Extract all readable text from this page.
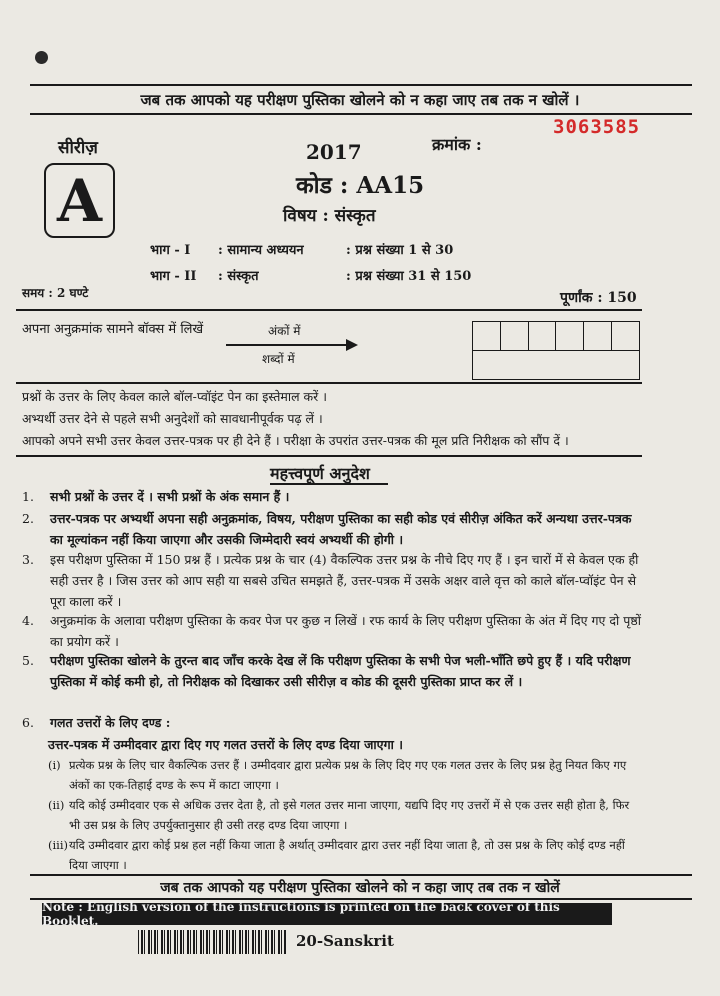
जब तक आपको यह परीक्षण पुस्तिका खोलने को न कहा जाए तब तक न खोलें ।
3063585
सीरीज़
A
2017	क्रमांक :
कोड : AA15
विषय : संस्कृत
भाग - I : सामान्य अध्ययन	: प्रश्न संख्या 1 से 30
भाग - II : संस्कृत	: प्रश्न संख्या 31 से 150
समय : 2 घण्टे	पूर्णांक : 150
अपना अनुक्रमांक सामने बॉक्स में लिखें	अंकों में
शब्दों में
प्रश्नों के उत्तर के लिए केवल काले बॉल-प्वॉइंट पेन का इस्तेमाल करें ।
अभ्यर्थी उत्तर देने से पहले सभी अनुदेशों को सावधानीपूर्वक पढ़ लें ।
आपको अपने सभी उत्तर केवल उत्तर-पत्रक पर ही देने हैं । परीक्षा के उपरांत उत्तर-पत्रक की मूल प्रति निरीक्षक को सौंप दें ।
महत्त्वपूर्ण अनुदेश
1.	सभी प्रश्नों के उत्तर दें । सभी प्रश्नों के अंक समान हैं ।
2.	उत्तर-पत्रक पर अभ्यर्थी अपना सही अनुक्रमांक, विषय, परीक्षण पुस्तिका का सही कोड एवं सीरीज़ अंकित करें अन्यथा उत्तर-पत्रक का मूल्यांकन नहीं किया जाएगा और उसकी जिम्मेदारी स्वयं अभ्यर्थी की होगी ।
3.	इस परीक्षण पुस्तिका में 150 प्रश्न हैं । प्रत्येक प्रश्न के चार (4) वैकल्पिक उत्तर प्रश्न के नीचे दिए गए हैं । इन चारों में से केवल एक ही सही उत्तर है । जिस उत्तर को आप सही या सबसे उचित समझते हैं, उत्तर-पत्रक में उसके अक्षर वाले वृत्त को काले बॉल-प्वॉइंट पेन से पूरा काला करें ।
4.	अनुक्रमांक के अलावा परीक्षण पुस्तिका के कवर पेज पर कुछ न लिखें । रफ कार्य के लिए परीक्षण पुस्तिका के अंत में दिए गए दो पृष्ठों का प्रयोग करें ।
5.	परीक्षण पुस्तिका खोलने के तुरन्त बाद जाँच करके देख लें कि परीक्षण पुस्तिका के सभी पेज भली-भाँति छपे हुए हैं । यदि परीक्षण पुस्तिका में कोई कमी हो, तो निरीक्षक को दिखाकर उसी सीरीज़ व कोड की दूसरी पुस्तिका प्राप्त कर लें ।
6.	गलत उत्तरों के लिए दण्ड :
उत्तर-पत्रक में उम्मीदवार द्वारा दिए गए गलत उत्तरों के लिए दण्ड दिया जाएगा ।
(i) प्रत्येक प्रश्न के लिए चार वैकल्पिक उत्तर हैं । उम्मीदवार द्वारा प्रत्येक प्रश्न के लिए दिए गए एक गलत उत्तर के लिए प्रश्न हेतु नियत किए गए अंकों का एक-तिहाई दण्ड के रूप में काटा जाएगा ।
(ii) यदि कोई उम्मीदवार एक से अधिक उत्तर देता है, तो इसे गलत उत्तर माना जाएगा, यद्यपि दिए गए उत्तरों में से एक उत्तर सही होता है, फिर भी उस प्रश्न के लिए उपर्युक्तानुसार ही उसी तरह दण्ड दिया जाएगा ।
(iii) यदि उम्मीदवार द्वारा कोई प्रश्न हल नहीं किया जाता है अर्थात् उम्मीदवार द्वारा उत्तर नहीं दिया जाता है, तो उस प्रश्न के लिए कोई दण्ड नहीं दिया जाएगा ।
जब तक आपको यह परीक्षण पुस्तिका खोलने को न कहा जाए तब तक न खोलें
Note : English version of the instructions is printed on the back cover of this Booklet.
20-Sanskrit
